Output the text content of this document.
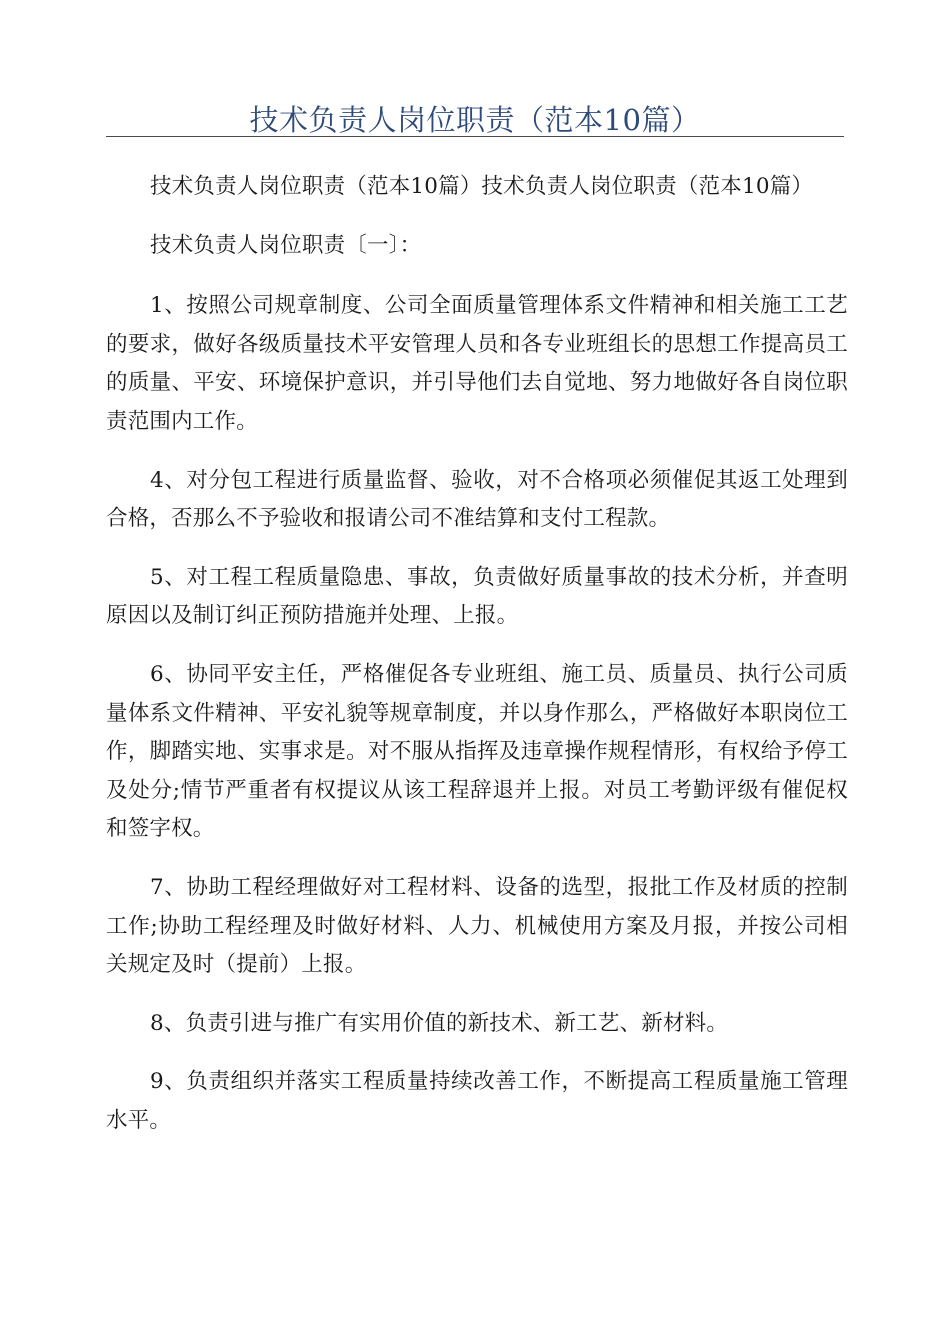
技术负责人岗位职责（范本10篇）

技术负责人岗位职责（范本10篇）技术负责人岗位职责（范本10篇）

技术负责人岗位职责〔一〕：

1、按照公司规章制度、公司全面质量管理体系文件精神和相关施工工艺的要求，做好各级质量技术平安管理人员和各专业班组长的思想工作提高员工的质量、平安、环境保护意识，并引导他们去自觉地、努力地做好各自岗位职责范围内工作。

4、对分包工程进行质量监督、验收，对不合格项必须催促其返工处理到合格，否那么不予验收和报请公司不准结算和支付工程款。

5、对工程工程质量隐患、事故，负责做好质量事故的技术分析，并查明原因以及制订纠正预防措施并处理、上报。

6、协同平安主任，严格催促各专业班组、施工员、质量员、执行公司质量体系文件精神、平安礼貌等规章制度，并以身作那么，严格做好本职岗位工作，脚踏实地、实事求是。对不服从指挥及违章操作规程情形，有权给予停工及处分;情节严重者有权提议从该工程辞退并上报。对员工考勤评级有催促权和签字权。

7、协助工程经理做好对工程材料、设备的选型，报批工作及材质的控制工作;协助工程经理及时做好材料、人力、机械使用方案及月报，并按公司相关规定及时（提前）上报。

8、负责引进与推广有实用价值的新技术、新工艺、新材料。

9、负责组织并落实工程质量持续改善工作，不断提高工程质量施工管理水平。
